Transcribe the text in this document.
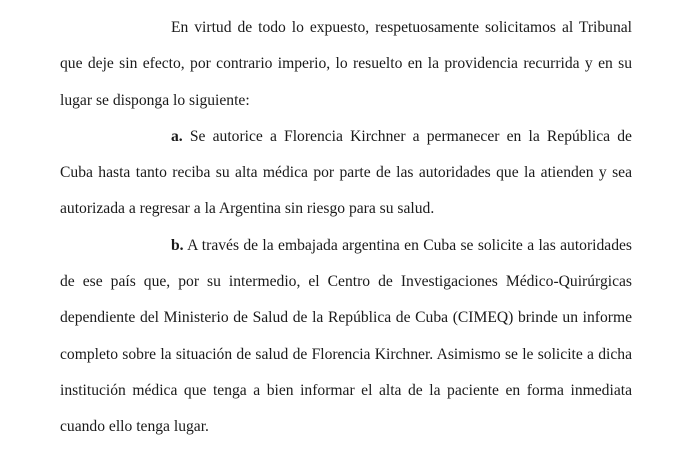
En virtud de todo lo expuesto, respetuosamente solicitamos al Tribunal que deje sin efecto, por contrario imperio, lo resuelto en la providencia recurrida y en su lugar se disponga lo siguiente:

a. Se autorice a Florencia Kirchner a permanecer en la República de Cuba hasta tanto reciba su alta médica por parte de las autoridades que la atienden y sea autorizada a regresar a la Argentina sin riesgo para su salud.

b. A través de la embajada argentina en Cuba se solicite a las autoridades de ese país que, por su intermedio, el Centro de Investigaciones Médico-Quirúrgicas dependiente del Ministerio de Salud de la República de Cuba (CIMEQ) brinde un informe completo sobre la situación de salud de Florencia Kirchner. Asimismo se le solicite a dicha institución médica que tenga a bien informar el alta de la paciente en forma inmediata cuando ello tenga lugar.
